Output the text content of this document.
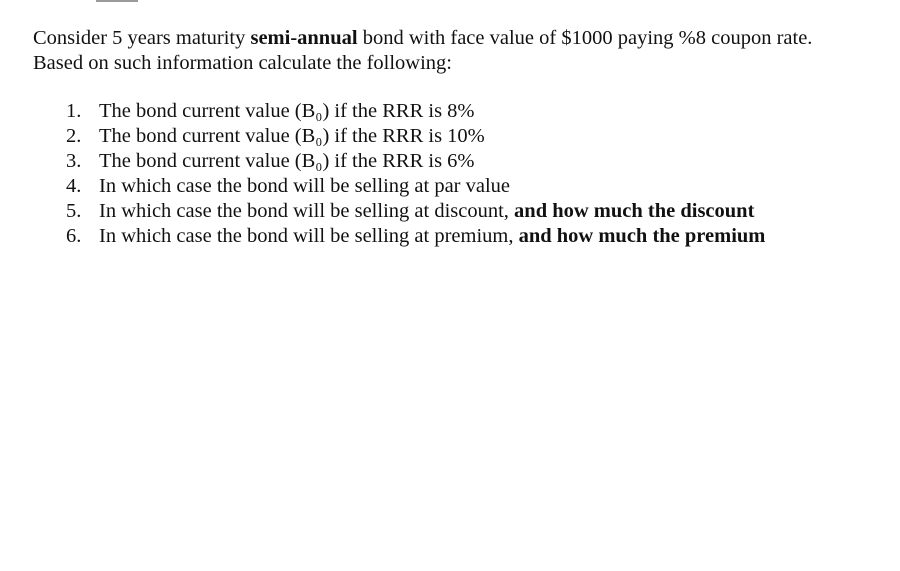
Consider 5 years maturity semi-annual bond with face value of $1000 paying %8 coupon rate.
Based on such information calculate the following:

1. The bond current value (B₀) if the RRR is 8%
2. The bond current value (B₀) if the RRR is 10%
3. The bond current value (B₀) if the RRR is 6%
4. In which case the bond will be selling at par value
5. In which case the bond will be selling at discount, and how much the discount
6. In which case the bond will be selling at premium, and how much the premium
